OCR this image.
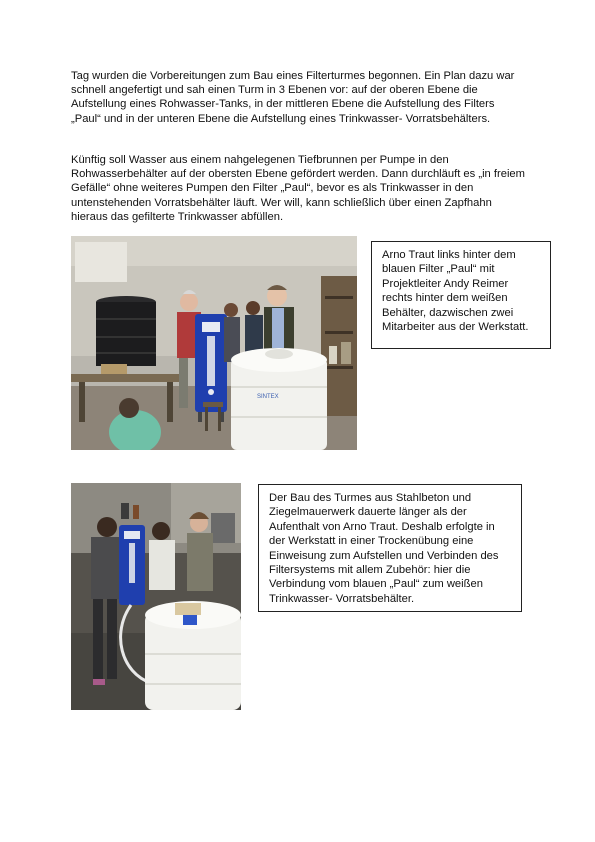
Tag wurden die Vorbereitungen zum Bau eines Filterturmes begonnen. Ein Plan dazu war schnell angefertigt und sah einen Turm in 3 Ebenen vor: auf der oberen Ebene die Aufstellung eines Rohwasser-Tanks, in der mittleren Ebene die Aufstellung des Filters „Paul“ und in der unteren Ebene die Aufstellung eines Trinkwasser- Vorratsbehälters.

Künftig soll Wasser aus einem nahgelegenen Tiefbrunnen per Pumpe in den Rohwasserbehälter auf der obersten Ebene gefördert werden. Dann durchläuft es „in freiem Gefälle“ ohne weiteres Pumpen den Filter „Paul“, bevor es als Trinkwasser in den untenstehenden Vorratsbehälter läuft. Wer will, kann schließlich über einen Zapfhahn hieraus das gefilterte Trinkwasser abfüllen.

SINTEX
Arno Traut links hinter dem blauen Filter „Paul“ mit Projektleiter Andy Reimer rechts hinter dem weißen Behälter, dazwischen zwei Mitarbeiter aus der Werkstatt.
Der Bau des Turmes aus Stahlbeton und Ziegelmauerwerk dauerte länger als der Aufenthalt von Arno Traut. Deshalb erfolgte in der Werkstatt in einer Trockenübung eine Einweisung zum Aufstellen und Verbinden des Filtersystems mit allem Zubehör: hier die Verbindung vom blauen „Paul“ zum weißen Trinkwasser- Vorratsbehälter.
